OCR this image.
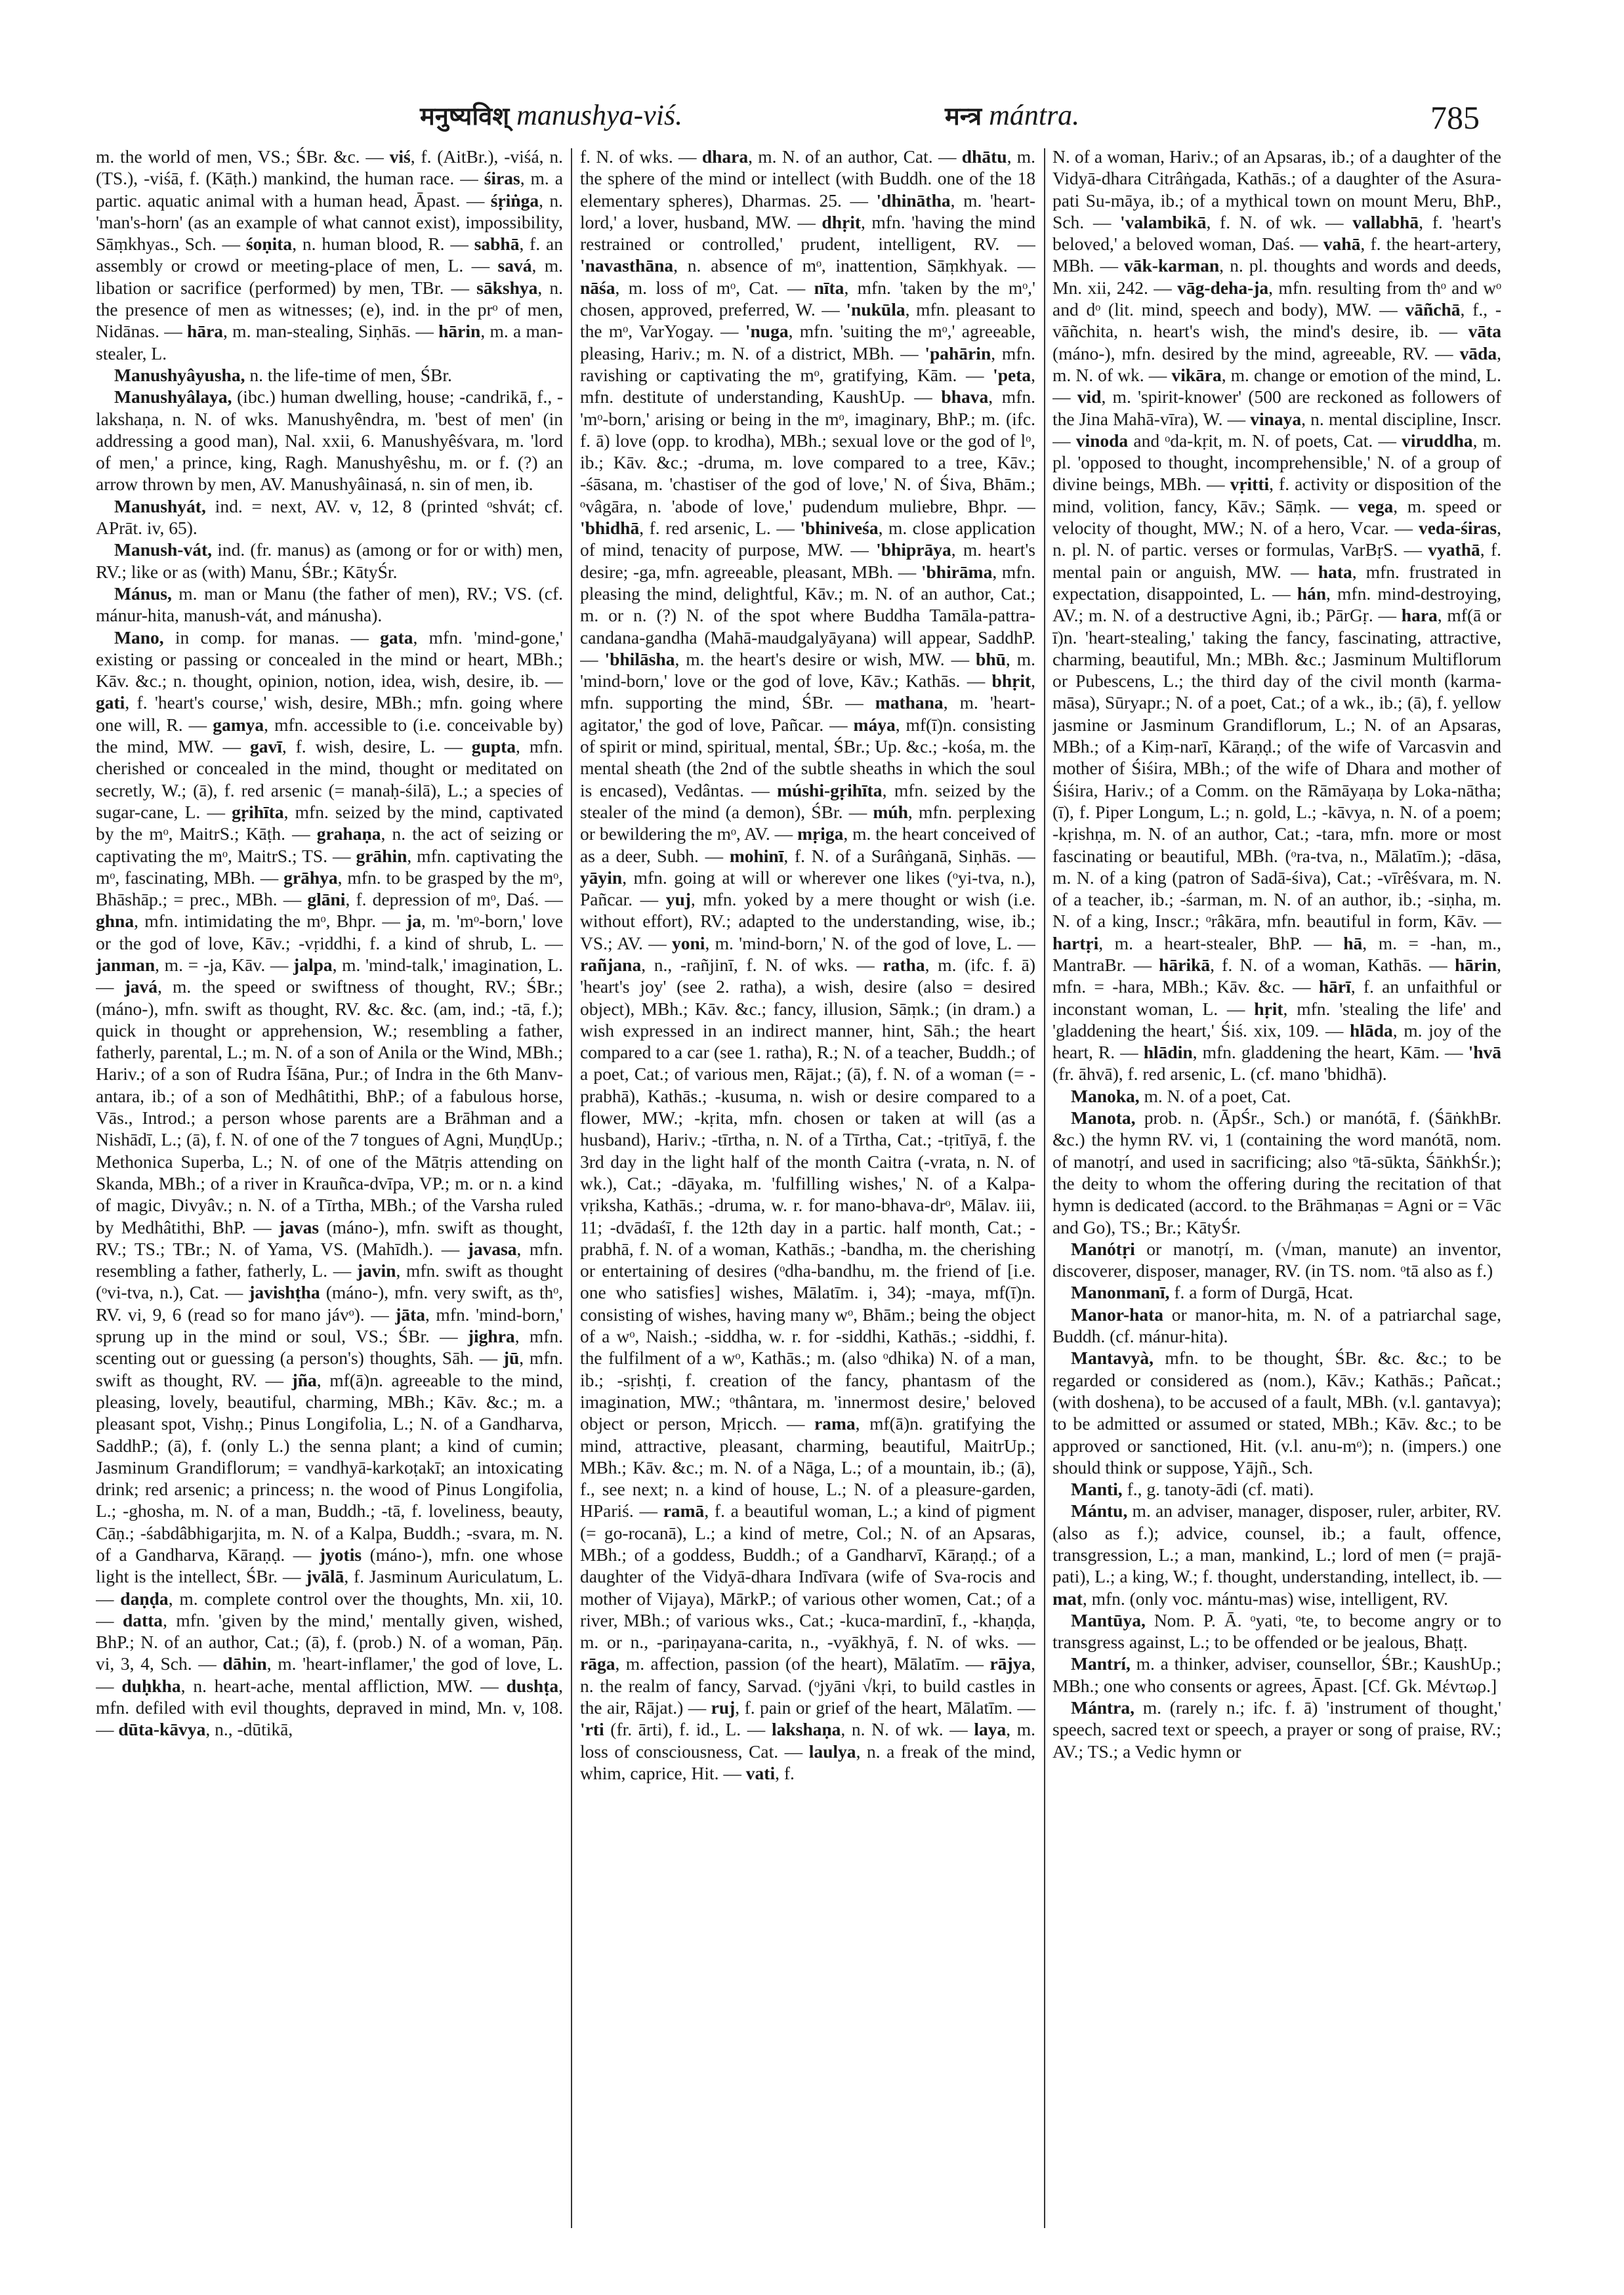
मनुष्यविश् manushya-viś.	मन्त्र mántra.	785

m. the world of men, VS.; ŚBr. &c. — viś, f. (AitBr.), -viśá, n. (TS.), -viśā, f. (Kāṭh.) mankind, the human race. — śiras, m. a partic. aquatic animal with a human head, Āpast. — śṛiṅga, n. 'man's-horn' (as an example of what cannot exist), impossibility, Sāṃkhyas., Sch. — śoṇita, n. human blood, R. — sabhā, f. an assembly or crowd or meeting-place of men, L. — savá, m. libation or sacrifice (performed) by men, TBr. — sākshya, n. the presence of men as witnesses; (e), ind. in the prᵒ of men, Nidānas. — hāra, m. man-stealing, Siṇhās. — hārin, m. a man-stealer, L.

Manushyâyusha, n. the life-time of men, ŚBr.

Manushyâlaya, (ibc.) human dwelling, house; -candrikā, f., -lakshaṇa, n. N. of wks. Manushyêndra, m. 'best of men' (in addressing a good man), Nal. xxii, 6. Manushyêśvara, m. 'lord of men,' a prince, king, Ragh. Manushyêshu, m. or f. (?) an arrow thrown by men, AV. Manushyâinasá, n. sin of men, ib.

Manushyát, ind. = next, AV. v, 12, 8 (printed ᵒshvát; cf. APrāt. iv, 65).

Manush-vát, ind. (fr. manus) as (among or for or with) men, RV.; like or as (with) Manu, ŚBr.; KātyŚr.

Mánus, m. man or Manu (the father of men), RV.; VS. (cf. mánur-hita, manush-vát, and mánusha).

Mano, in comp. for manas. — gata, mfn. 'mind-gone,' existing or passing or concealed in the mind or heart, MBh.; Kāv. &c.; n. thought, opinion, notion, idea, wish, desire, ib. — gati, f. 'heart's course,' wish, desire, MBh.; mfn. going where one will, R. — gamya, mfn. accessible to (i.e. conceivable by) the mind, MW. — gavī, f. wish, desire, L. — gupta, mfn. cherished or concealed in the mind, thought or meditated on secretly, W.; (ā), f. red arsenic (= manaḥ-śilā), L.; a species of sugar-cane, L. — gṛihīta, mfn. seized by the mind, captivated by the mᵒ, MaitrS.; Kāṭh. — grahaṇa, n. the act of seizing or captivating the mᵒ, MaitrS.; TS. — grāhin, mfn. captivating the mᵒ, fascinating, MBh. — grāhya, mfn. to be grasped by the mᵒ, Bhāshāp.; = prec., MBh. — glāni, f. depression of mᵒ, Daś. — ghna, mfn. intimidating the mᵒ, Bhpr. — ja, m. 'mᵒ-born,' love or the god of love, Kāv.; -vṛiddhi, f. a kind of shrub, L. — janman, m. = -ja, Kāv. — jalpa, m. 'mind-talk,' imagination, L. — javá, m. the speed or swiftness of thought, RV.; ŚBr.; (máno-), mfn. swift as thought, RV. &c. &c. (am, ind.; -tā, f.); quick in thought or apprehension, W.; resembling a father, fatherly, parental, L.; m. N. of a son of Anila or the Wind, MBh.; Hariv.; of a son of Rudra Īśāna, Pur.; of Indra in the 6th Manv-antara, ib.; of a son of Medhâtithi, BhP.; of a fabulous horse, Vās., Introd.; a person whose parents are a Brāhman and a Nishādī, L.; (ā), f. N. of one of the 7 tongues of Agni, MuṇḍUp.; Methonica Superba, L.; N. of one of the Mātṛis attending on Skanda, MBh.; of a river in Krauñca-dvīpa, VP.; m. or n. a kind of magic, Divyâv.; n. N. of a Tīrtha, MBh.; of the Varsha ruled by Medhâtithi, BhP. — javas (máno-), mfn. swift as thought, RV.; TS.; TBr.; N. of Yama, VS. (Mahīdh.). — javasa, mfn. resembling a father, fatherly, L. — javin, mfn. swift as thought (ᵒvi-tva, n.), Cat. — javishṭha (máno-), mfn. very swift, as thᵒ, RV. vi, 9, 6 (read so for mano jávᵒ). — jāta, mfn. 'mind-born,' sprung up in the mind or soul, VS.; ŚBr. — jighra, mfn. scenting out or guessing (a person's) thoughts, Sāh. — jū, mfn. swift as thought, RV. — jña, mf(ā)n. agreeable to the mind, pleasing, lovely, beautiful, charming, MBh.; Kāv. &c.; m. a pleasant spot, Vishṇ.; Pinus Longifolia, L.; N. of a Gandharva, SaddhP.; (ā), f. (only L.) the senna plant; a kind of cumin; Jasminum Grandiflorum; = vandhyā-karkoṭakī; an intoxicating drink; red arsenic; a princess; n. the wood of Pinus Longifolia, L.; -ghosha, m. N. of a man, Buddh.; -tā, f. loveliness, beauty, Cāṇ.; -śabdâbhigarjita, m. N. of a Kalpa, Buddh.; -svara, m. N. of a Gandharva, Kāraṇḍ. — jyotis (máno-), mfn. one whose light is the intellect, ŚBr. — jvālā, f. Jasminum Auriculatum, L. — daṇḍa, m. complete control over the thoughts, Mn. xii, 10. — datta, mfn. 'given by the mind,' mentally given, wished, BhP.; N. of an author, Cat.; (ā), f. (prob.) N. of a woman, Pāṇ. vi, 3, 4, Sch. — dāhin, m. 'heart-inflamer,' the god of love, L. — duḥkha, n. heart-ache, mental affliction, MW. — dushṭa, mfn. defiled with evil thoughts, depraved in mind, Mn. v, 108. — dūta-kāvya, n., -dūtikā,

f. N. of wks. — dhara, m. N. of an author, Cat. — dhātu, m. the sphere of the mind or intellect (with Buddh. one of the 18 elementary spheres), Dharmas. 25. — 'dhinātha, m. 'heart-lord,' a lover, husband, MW. — dhṛit, mfn. 'having the mind restrained or controlled,' prudent, intelligent, RV. — 'navasthāna, n. absence of mᵒ, inattention, Sāṃkhyak. — nāśa, m. loss of mᵒ, Cat. — nīta, mfn. 'taken by the mᵒ,' chosen, approved, preferred, W. — 'nukūla, mfn. pleasant to the mᵒ, VarYogay. — 'nuga, mfn. 'suiting the mᵒ,' agreeable, pleasing, Hariv.; m. N. of a district, MBh. — 'pahārin, mfn. ravishing or captivating the mᵒ, gratifying, Kām. — 'peta, mfn. destitute of understanding, KaushUp. — bhava, mfn. 'mᵒ-born,' arising or being in the mᵒ, imaginary, BhP.; m. (ifc. f. ā) love (opp. to krodha), MBh.; sexual love or the god of lᵒ, ib.; Kāv. &c.; -druma, m. love compared to a tree, Kāv.; -śāsana, m. 'chastiser of the god of love,' N. of Śiva, Bhām.; ᵒvâgāra, n. 'abode of love,' pudendum muliebre, Bhpr. — 'bhidhā, f. red arsenic, L. — 'bhiniveśa, m. close application of mind, tenacity of purpose, MW. — 'bhiprāya, m. heart's desire; -ga, mfn. agreeable, pleasant, MBh. — 'bhirāma, mfn. pleasing the mind, delightful, Kāv.; m. N. of an author, Cat.; m. or n. (?) N. of the spot where Buddha Tamāla-pattra-candana-gandha (Mahā-maudgalyāyana) will appear, SaddhP. — 'bhilāsha, m. the heart's desire or wish, MW. — bhū, m. 'mind-born,' love or the god of love, Kāv.; Kathās. — bhṛit, mfn. supporting the mind, ŚBr. — mathana, m. 'heart-agitator,' the god of love, Pañcar. — máya, mf(ī)n. consisting of spirit or mind, spiritual, mental, ŚBr.; Up. &c.; -kośa, m. the mental sheath (the 2nd of the subtle sheaths in which the soul is encased), Vedântas. — múshi-gṛihīta, mfn. seized by the stealer of the mind (a demon), ŚBr. — múh, mfn. perplexing or bewildering the mᵒ, AV. — mṛiga, m. the heart conceived of as a deer, Subh. — mohinī, f. N. of a Surâṅganā, Siṇhās. — yāyin, mfn. going at will or wherever one likes (ᵒyi-tva, n.), Pañcar. — yuj, mfn. yoked by a mere thought or wish (i.e. without effort), RV.; adapted to the understanding, wise, ib.; VS.; AV. — yoni, m. 'mind-born,' N. of the god of love, L. — rañjana, n., -rañjinī, f. N. of wks. — ratha, m. (ifc. f. ā) 'heart's joy' (see 2. ratha), a wish, desire (also = desired object), MBh.; Kāv. &c.; fancy, illusion, Sāṃk.; (in dram.) a wish expressed in an indirect manner, hint, Sāh.; the heart compared to a car (see 1. ratha), R.; N. of a teacher, Buddh.; of a poet, Cat.; of various men, Rājat.; (ā), f. N. of a woman (= -prabhā), Kathās.; -kusuma, n. wish or desire compared to a flower, MW.; -kṛita, mfn. chosen or taken at will (as a husband), Hariv.; -tīrtha, n. N. of a Tīrtha, Cat.; -tṛitīyā, f. the 3rd day in the light half of the month Caitra (-vrata, n. N. of wk.), Cat.; -dāyaka, m. 'fulfilling wishes,' N. of a Kalpa-vṛiksha, Kathās.; -druma, w. r. for mano-bhava-drᵒ, Mālav. iii, 11; -dvādaśī, f. the 12th day in a partic. half month, Cat.; -prabhā, f. N. of a woman, Kathās.; -bandha, m. the cherishing or entertaining of desires (ᵒdha-bandhu, m. the friend of [i.e. one who satisfies] wishes, Mālatīm. i, 34); -maya, mf(ī)n. consisting of wishes, having many wᵒ, Bhām.; being the object of a wᵒ, Naish.; -siddha, w. r. for -siddhi, Kathās.; -siddhi, f. the fulfilment of a wᵒ, Kathās.; m. (also ᵒdhika) N. of a man, ib.; -sṛishṭi, f. creation of the fancy, phantasm of the imagination, MW.; ᵒthântara, m. 'innermost desire,' beloved object or person, Mṛicch. — rama, mf(ā)n. gratifying the mind, attractive, pleasant, charming, beautiful, MaitrUp.; MBh.; Kāv. &c.; m. N. of a Nāga, L.; of a mountain, ib.; (ā), f., see next; n. a kind of house, L.; N. of a pleasure-garden, HPariś. — ramā, f. a beautiful woman, L.; a kind of pigment (= go-rocanā), L.; a kind of metre, Col.; N. of an Apsaras, MBh.; of a goddess, Buddh.; of a Gandharvī, Kāraṇḍ.; of a daughter of the Vidyā-dhara Indīvara (wife of Sva-rocis and mother of Vijaya), MārkP.; of various other women, Cat.; of a river, MBh.; of various wks., Cat.; -kuca-mardinī, f., -khaṇḍa, m. or n., -pariṇayana-carita, n., -vyākhyā, f. N. of wks. — rāga, m. affection, passion (of the heart), Mālatīm. — rājya, n. the realm of fancy, Sarvad. (ᵒjyāni √kṛi, to build castles in the air, Rājat.) — ruj, f. pain or grief of the heart, Mālatīm. — 'rti (fr. ārti), f. id., L. — lakshaṇa, n. N. of wk. — laya, m. loss of consciousness, Cat. — laulya, n. a freak of the mind, whim, caprice, Hit. — vati, f.

N. of a woman, Hariv.; of an Apsaras, ib.; of a daughter of the Vidyā-dhara Citrâṅgada, Kathās.; of a daughter of the Asura-pati Su-māya, ib.; of a mythical town on mount Meru, BhP., Sch. — 'valambikā, f. N. of wk. — vallabhā, f. 'heart's beloved,' a beloved woman, Daś. — vahā, f. the heart-artery, MBh. — vāk-karman, n. pl. thoughts and words and deeds, Mn. xii, 242. — vāg-deha-ja, mfn. resulting from thᵒ and wᵒ and dᵒ (lit. mind, speech and body), MW. — vāñchā, f., -vāñchita, n. heart's wish, the mind's desire, ib. — vāta (máno-), mfn. desired by the mind, agreeable, RV. — vāda, m. N. of wk. — vikāra, m. change or emotion of the mind, L. — vid, m. 'spirit-knower' (500 are reckoned as followers of the Jina Mahā-vīra), W. — vinaya, n. mental discipline, Inscr. — vinoda and ᵒda-kṛit, m. N. of poets, Cat. — viruddha, m. pl. 'opposed to thought, incomprehensible,' N. of a group of divine beings, MBh. — vṛitti, f. activity or disposition of the mind, volition, fancy, Kāv.; Sāṃk. — vega, m. speed or velocity of thought, MW.; N. of a hero, Vcar. — veda-śiras, n. pl. N. of partic. verses or formulas, VarBṛS. — vyathā, f. mental pain or anguish, MW. — hata, mfn. frustrated in expectation, disappointed, L. — hán, mfn. mind-destroying, AV.; m. N. of a destructive Agni, ib.; PārGṛ. — hara, mf(ā or ī)n. 'heart-stealing,' taking the fancy, fascinating, attractive, charming, beautiful, Mn.; MBh. &c.; Jasminum Multiflorum or Pubescens, L.; the third day of the civil month (karma-māsa), Sūryapr.; N. of a poet, Cat.; of a wk., ib.; (ā), f. yellow jasmine or Jasminum Grandiflorum, L.; N. of an Apsaras, MBh.; of a Kiṃ-narī, Kāraṇḍ.; of the wife of Varcasvin and mother of Śiśira, MBh.; of the wife of Dhara and mother of Śiśira, Hariv.; of a Comm. on the Rāmāyaṇa by Loka-nātha; (ī), f. Piper Longum, L.; n. gold, L.; -kāvya, n. N. of a poem; -kṛishṇa, m. N. of an author, Cat.; -tara, mfn. more or most fascinating or beautiful, MBh. (ᵒra-tva, n., Mālatīm.); -dāsa, m. N. of a king (patron of Sadā-śiva), Cat.; -vīrêśvara, m. N. of a teacher, ib.; -śarman, m. N. of an author, ib.; -siṇha, m. N. of a king, Inscr.; ᵒrâkāra, mfn. beautiful in form, Kāv. — hartṛi, m. a heart-stealer, BhP. — hā, m. = -han, m., MantraBr. — hārikā, f. N. of a woman, Kathās. — hārin, mfn. = -hara, MBh.; Kāv. &c. — hārī, f. an unfaithful or inconstant woman, L. — hṛit, mfn. 'stealing the life' and 'gladdening the heart,' Śiś. xix, 109. — hlāda, m. joy of the heart, R. — hlādin, mfn. gladdening the heart, Kām. — 'hvā (fr. āhvā), f. red arsenic, L. (cf. mano 'bhidhā).

Manoka, m. N. of a poet, Cat.

Manota, prob. n. (ĀpŚr., Sch.) or manótā, f. (ŚāṅkhBr. &c.) the hymn RV. vi, 1 (containing the word manótā, nom. of manotṛí, and used in sacrificing; also ᵒtā-sūkta, ŚāṅkhŚr.); the deity to whom the offering during the recitation of that hymn is dedicated (accord. to the Brāhmaṇas = Agni or = Vāc and Go), TS.; Br.; KātyŚr.

Manótṛi or manotṛí, m. (√man, manute) an inventor, discoverer, disposer, manager, RV. (in TS. nom. ᵒtā also as f.)

Manonmanī, f. a form of Durgā, Hcat.

Manor-hata or manor-hita, m. N. of a patriarchal sage, Buddh. (cf. mánur-hita).

Mantavyà, mfn. to be thought, ŚBr. &c. &c.; to be regarded or considered as (nom.), Kāv.; Kathās.; Pañcat.; (with doshena), to be accused of a fault, MBh. (v.l. gantavya); to be admitted or assumed or stated, MBh.; Kāv. &c.; to be approved or sanctioned, Hit. (v.l. anu-mᵒ); n. (impers.) one should think or suppose, Yājñ., Sch.

Manti, f., g. tanoty-ādi (cf. mati).

Mántu, m. an adviser, manager, disposer, ruler, arbiter, RV. (also as f.); advice, counsel, ib.; a fault, offence, transgression, L.; a man, mankind, L.; lord of men (= prajā-pati), L.; a king, W.; f. thought, understanding, intellect, ib. — mat, mfn. (only voc. mántu-mas) wise, intelligent, RV.

Mantūya, Nom. P. Ā. ᵒyati, ᵒte, to become angry or to transgress against, L.; to be offended or be jealous, Bhaṭṭ.

Mantrí, m. a thinker, adviser, counsellor, ŚBr.; KaushUp.; MBh.; one who consents or agrees, Āpast. [Cf. Gk. Μέντωρ.]

Mántra, m. (rarely n.; ifc. f. ā) 'instrument of thought,' speech, sacred text or speech, a prayer or song of praise, RV.; AV.; TS.; a Vedic hymn or
